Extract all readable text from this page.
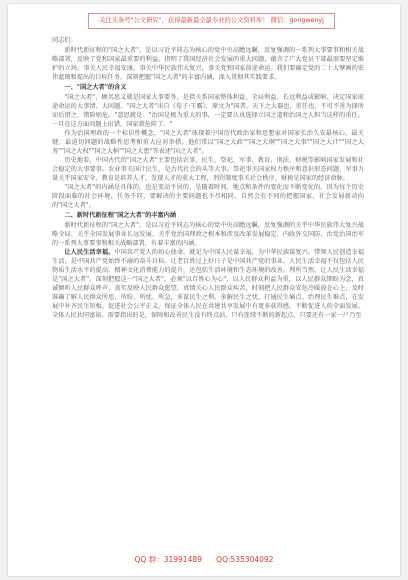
关注头条号"公文研究"，获得最新最全最专业的公文资料库！ 微信：gongwenyj

同志们：

新时代新征程的"国之大者"，是以习近平同志为核心的党中央高瞻远瞩，反复强调的一系列大事要事和相关战略部署，反映了党和国家最重要的利益。指明了我国经济社会发展的重大问题，蕴含了广大党员干部最需要坚定维护的立场。事关人民幸福安康，事关中华民族伟大复兴，事关党和国家前途命运。我们要确定党的二十大擘画的宏伟蓝图和提出的目标任务，深刻把握"国之大者"的丰富内涵，深入贯彻其实践要求。

一、"国之大者"的含义

"国之大者"，顾名思义就是国家大事要务，是指关系国家整体利益、全局利益、长远利益或影响、决定国家前途命运的大事情、大问题。"国之大者"出自《荀子·王霸》，原文为"国者，天下之大器也，重任也，不可不善为择所而后错之，错险则危。"意思就是："治国是极为重大的事，一定要认真选择立国之道和治国之人担当这样的重任，一旦在这方面问题上出错，国家就危险了。"

作为治国理政的一个标识性概念，"国之大者"体现着中国历代政治家和思想家对国家长治久安最核心、最关键、最迫切问题的战略性思考和重大应对举措。他们常以"国之大政""国之大纲""国之大事""国之大计""国之大务""国之大权""国之大柄""国之大患"等表述"国之大者"。

历史地看，中国古代的"国之大者"主要包括农事、民生、祭祀、军事、教育、刑法、财税等影响国家发展和社会稳定的大事要事。农业事关国计民生，是古代社会的头等大事。祭祀事关国家权力秩序和意识形态问题，军事力量关乎国家安全，教育是培养人才、发现人才的重大工程，刑罚制度事关社会秩序，财税是国家的经济命脉。

"国之大者"的内涵是具体的，也是变动不居的，是随着时间、地点和条件的变化而不断变化的。因为每个历史阶段面临的社会环境、任务不同，要解决的主要问题也不尽相同，自然会有不同的把握国家、社会发展新动向的"国之大者"。

二、新时代新征程"国之大者"的丰富内涵

新时代新征程的"国之大者"，是以习近平同志为核心的党中央高瞻远瞩，反复强调的关乎中华民族伟大复兴战略全局、关乎全国发展事业长远发展、关乎党治国理政之根本和涉及改革发展稳定、内政外交国防、治党治国治军的一系列大事要事和相关战略部署，有着丰富的内涵。

让人民生活幸福。中国共产党人的初心使命，就是为中国人民谋幸福，为中华民族谋复兴。带领人民创造幸福生活，是中国共产党始终不渝的奋斗目标。让老百姓过上好日子是中国共产党的事业。人民生活幸福不仅包括人民物质生活水平的提高，精神文化消费能力的提升，还包括生活环境和生态环境的改善。理所当然，让人民生活幸福是"国之大者"。深刻把握这一"国之大者"，必须"以百姓心为心"，以人民群众利益为重，以人民群众期盼为念，真诚倾听人民群众呼声，真实反映人民群众愿望，真情关心人民群众疾苦，时刻把人民群众安危冷暖放在心上，及时准确了解人民群众所思、所盼、所忧、所急，多谋民生之利、多解民生之忧，打通民生痛点、治理民生难点，在发展中补齐民生短板、促进社会公平正义，保证全体人民在共建共享发展中有更多获得感，不断促进人的全面发展、全体人民共同富裕。需要指出的是，保障和改善民生没有终点站，只有连续不断的新起点，只要还有一家一户乃至

QQ 群：31991489      QQ:535304092
